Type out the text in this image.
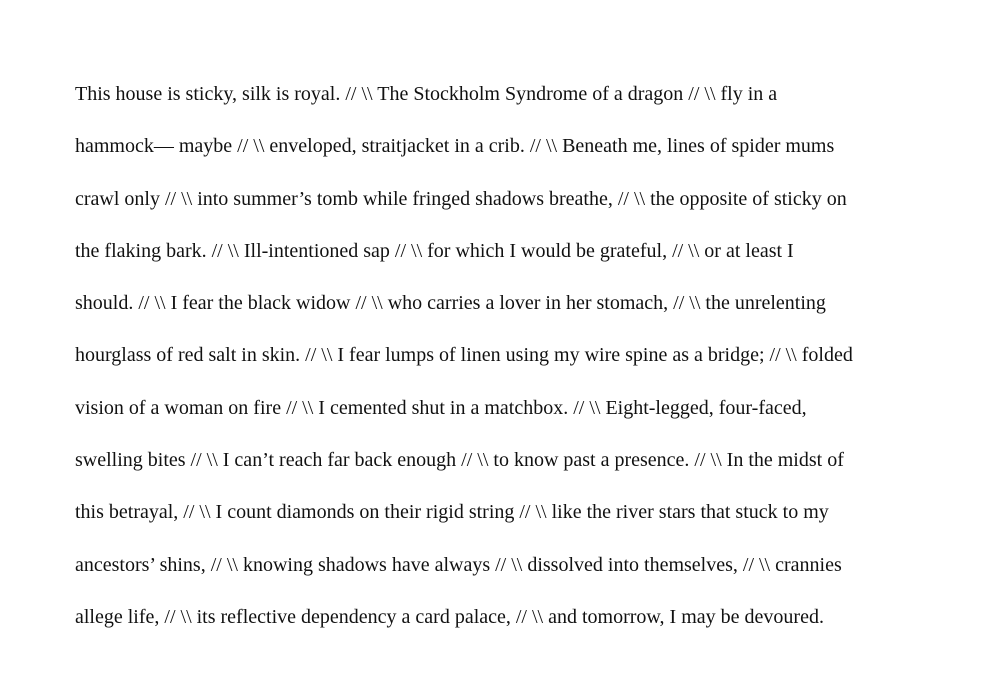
This house is sticky, silk is royal. // \\ The Stockholm Syndrome of a dragon // \\ fly in a
hammock— maybe // \\ enveloped, straitjacket in a crib. // \\ Beneath me, lines of spider mums
crawl only // \\ into summer’s tomb while fringed shadows breathe, // \\ the opposite of sticky on
the flaking bark. // \\ Ill-intentioned sap // \\ for which I would be grateful, // \\ or at least I
should. // \\ I fear the black widow // \\ who carries a lover in her stomach, // \\ the unrelenting
hourglass of red salt in skin. // \\ I fear lumps of linen using my wire spine as a bridge; // \\ folded
vision of a woman on fire // \\ I cemented shut in a matchbox. // \\ Eight-legged, four-faced,
swelling bites // \\ I can’t reach far back enough // \\ to know past a presence. // \\ In the midst of
this betrayal, // \\ I count diamonds on their rigid string // \\ like the river stars that stuck to my
ancestors’ shins, // \\ knowing shadows have always // \\ dissolved into themselves, // \\ crannies
allege life, // \\ its reflective dependency a card palace, // \\ and tomorrow, I may be devoured.
